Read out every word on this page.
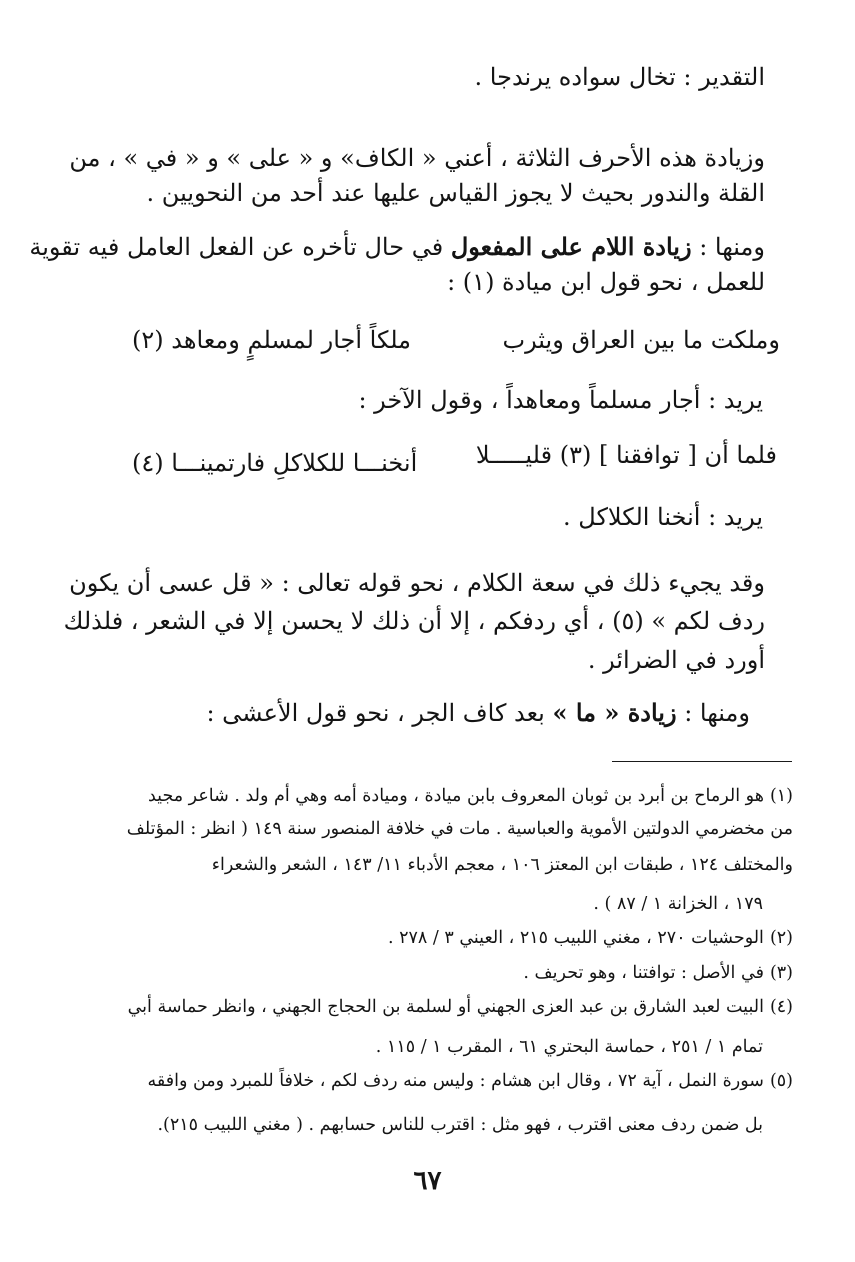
التقدير : تخال سواده يرندجا .
وزيادة هذه الأحرف الثلاثة ، أعني « الكاف» و « على » و « في » ، من
القلة والندور بحيث لا يجوز القياس عليها عند أحد من النحويين .
ومنها : زيادة اللام على المفعول في حال تأخره عن الفعل العامل فيه تقوية
للعمل ، نحو قول ابن ميادة (١) :
وملكت ما بين العراق ويثرب
ملكاً أجار لمسلمٍ ومعاهد (٢)
يريد : أجار مسلماً ومعاهداً ، وقول الآخر :
فلما أن [ توافقنا ] (٣) قليـــــلا
أنخنـــا للكلاكلِ فارتمينـــا (٤)
يريد : أنخنا الكلاكل .
وقد يجيء ذلك في سعة الكلام ، نحو قوله تعالى : « قل عسى أن يكون
ردف لكم » (٥) ، أي ردفكم ، إلا أن ذلك لا يحسن إلا في الشعر ، فلذلك
أورد في الضرائر .
ومنها : زيادة « ما » بعد كاف الجر ، نحو قول الأعشى :
(١)هو الرماح بن أبرد بن ثوبان المعروف بابن ميادة ، وميادة أمه وهي أم ولد . شاعر مجيد
من مخضرمي الدولتين الأموية والعباسية . مات في خلافة المنصور سنة ١٤٩ ( انظر : المؤتلف
والمختلف ١٢٤ ، طبقات ابن المعتز ١٠٦ ، معجم الأدباء ١١/ ١٤٣ ، الشعر والشعراء
١٧٩ ، الخزانة ١ / ٨٧ ) .
(٢)الوحشيات ٢٧٠ ، مغني اللبيب ٢١٥ ، العيني ٣ / ٢٧٨ .
(٣)في الأصل : توافتنا ، وهو تحريف .
(٤)البيت لعبد الشارق بن عبد العزى الجهني أو لسلمة بن الحجاج الجهني ، وانظر حماسة أبي
تمام ١ / ٢٥١ ، حماسة البحتري ٦١ ، المقرب ١ / ١١٥ .
(٥)سورة النمل ، آية ٧٢ ، وقال ابن هشام : وليس منه ردف لكم ، خلافاً للمبرد ومن وافقه
بل ضمن ردف معنى اقترب ، فهو مثل : اقترب للناس حسابهم . ( مغني اللبيب ٢١٥).
٦٧
